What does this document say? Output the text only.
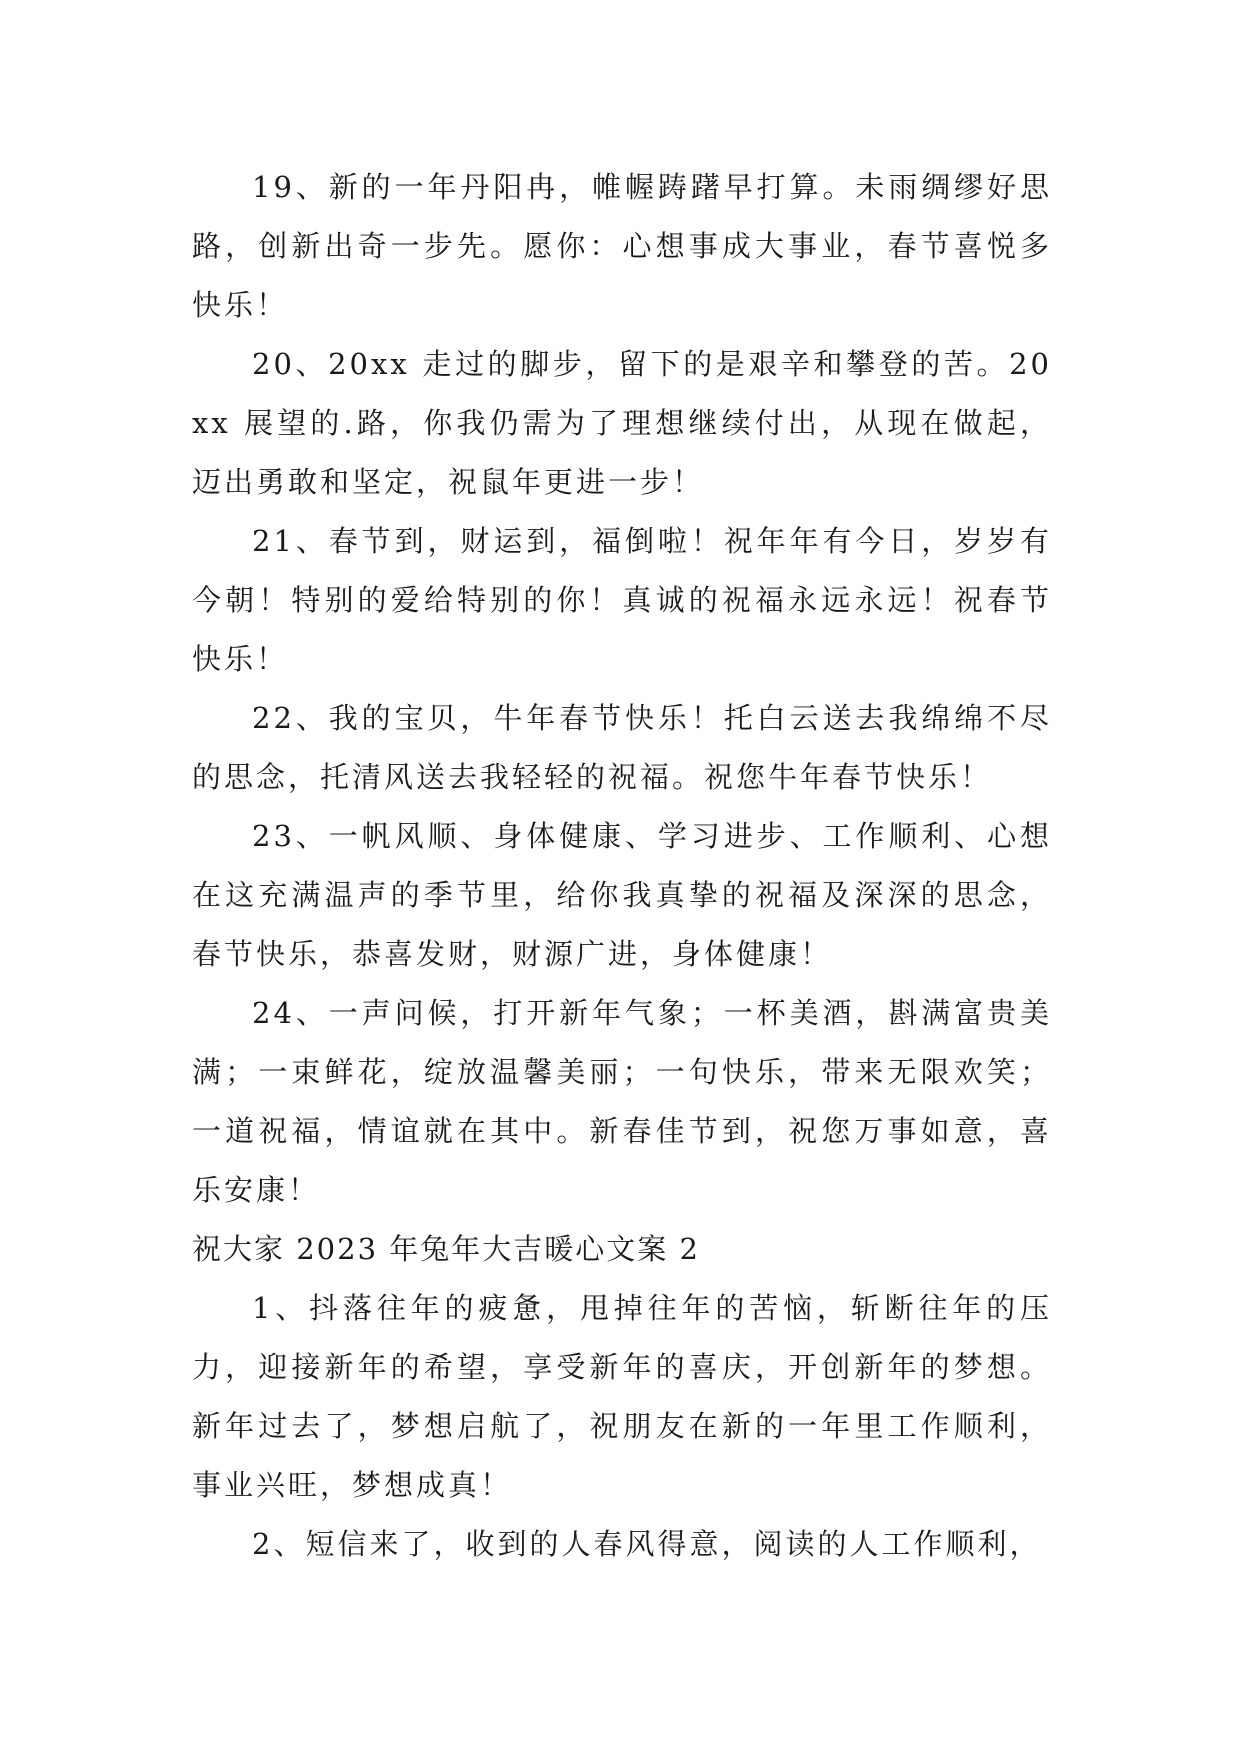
19、新的一年丹阳冉，帷幄踌躇早打算。未雨绸缪好思路，创新出奇一步先。愿你：心想事成大事业，春节喜悦多快乐！

20、20xx 走过的脚步，留下的是艰辛和攀登的苦。20xx 展望的.路，你我仍需为了理想继续付出，从现在做起，迈出勇敢和坚定，祝鼠年更进一步！

21、春节到，财运到，福倒啦！祝年年有今日，岁岁有今朝！特别的爱给特别的你！真诚的祝福永远永远！祝春节快乐！

22、我的宝贝，牛年春节快乐！托白云送去我绵绵不尽的思念，托清风送去我轻轻的祝福。祝您牛年春节快乐！

23、一帆风顺、身体健康、学习进步、工作顺利、心想在这充满温声的季节里，给你我真挚的祝福及深深的思念，春节快乐，恭喜发财，财源广进，身体健康！

24、一声问候，打开新年气象；一杯美酒，斟满富贵美满；一束鲜花，绽放温馨美丽；一句快乐，带来无限欢笑；一道祝福，情谊就在其中。新春佳节到，祝您万事如意，喜乐安康！

祝大家 2023 年兔年大吉暖心文案 2

1、抖落往年的疲惫，甩掉往年的苦恼，斩断往年的压力，迎接新年的希望，享受新年的喜庆，开创新年的梦想。新年过去了，梦想启航了，祝朋友在新的一年里工作顺利，事业兴旺，梦想成真！

2、短信来了，收到的人春风得意，阅读的人工作顺利，
